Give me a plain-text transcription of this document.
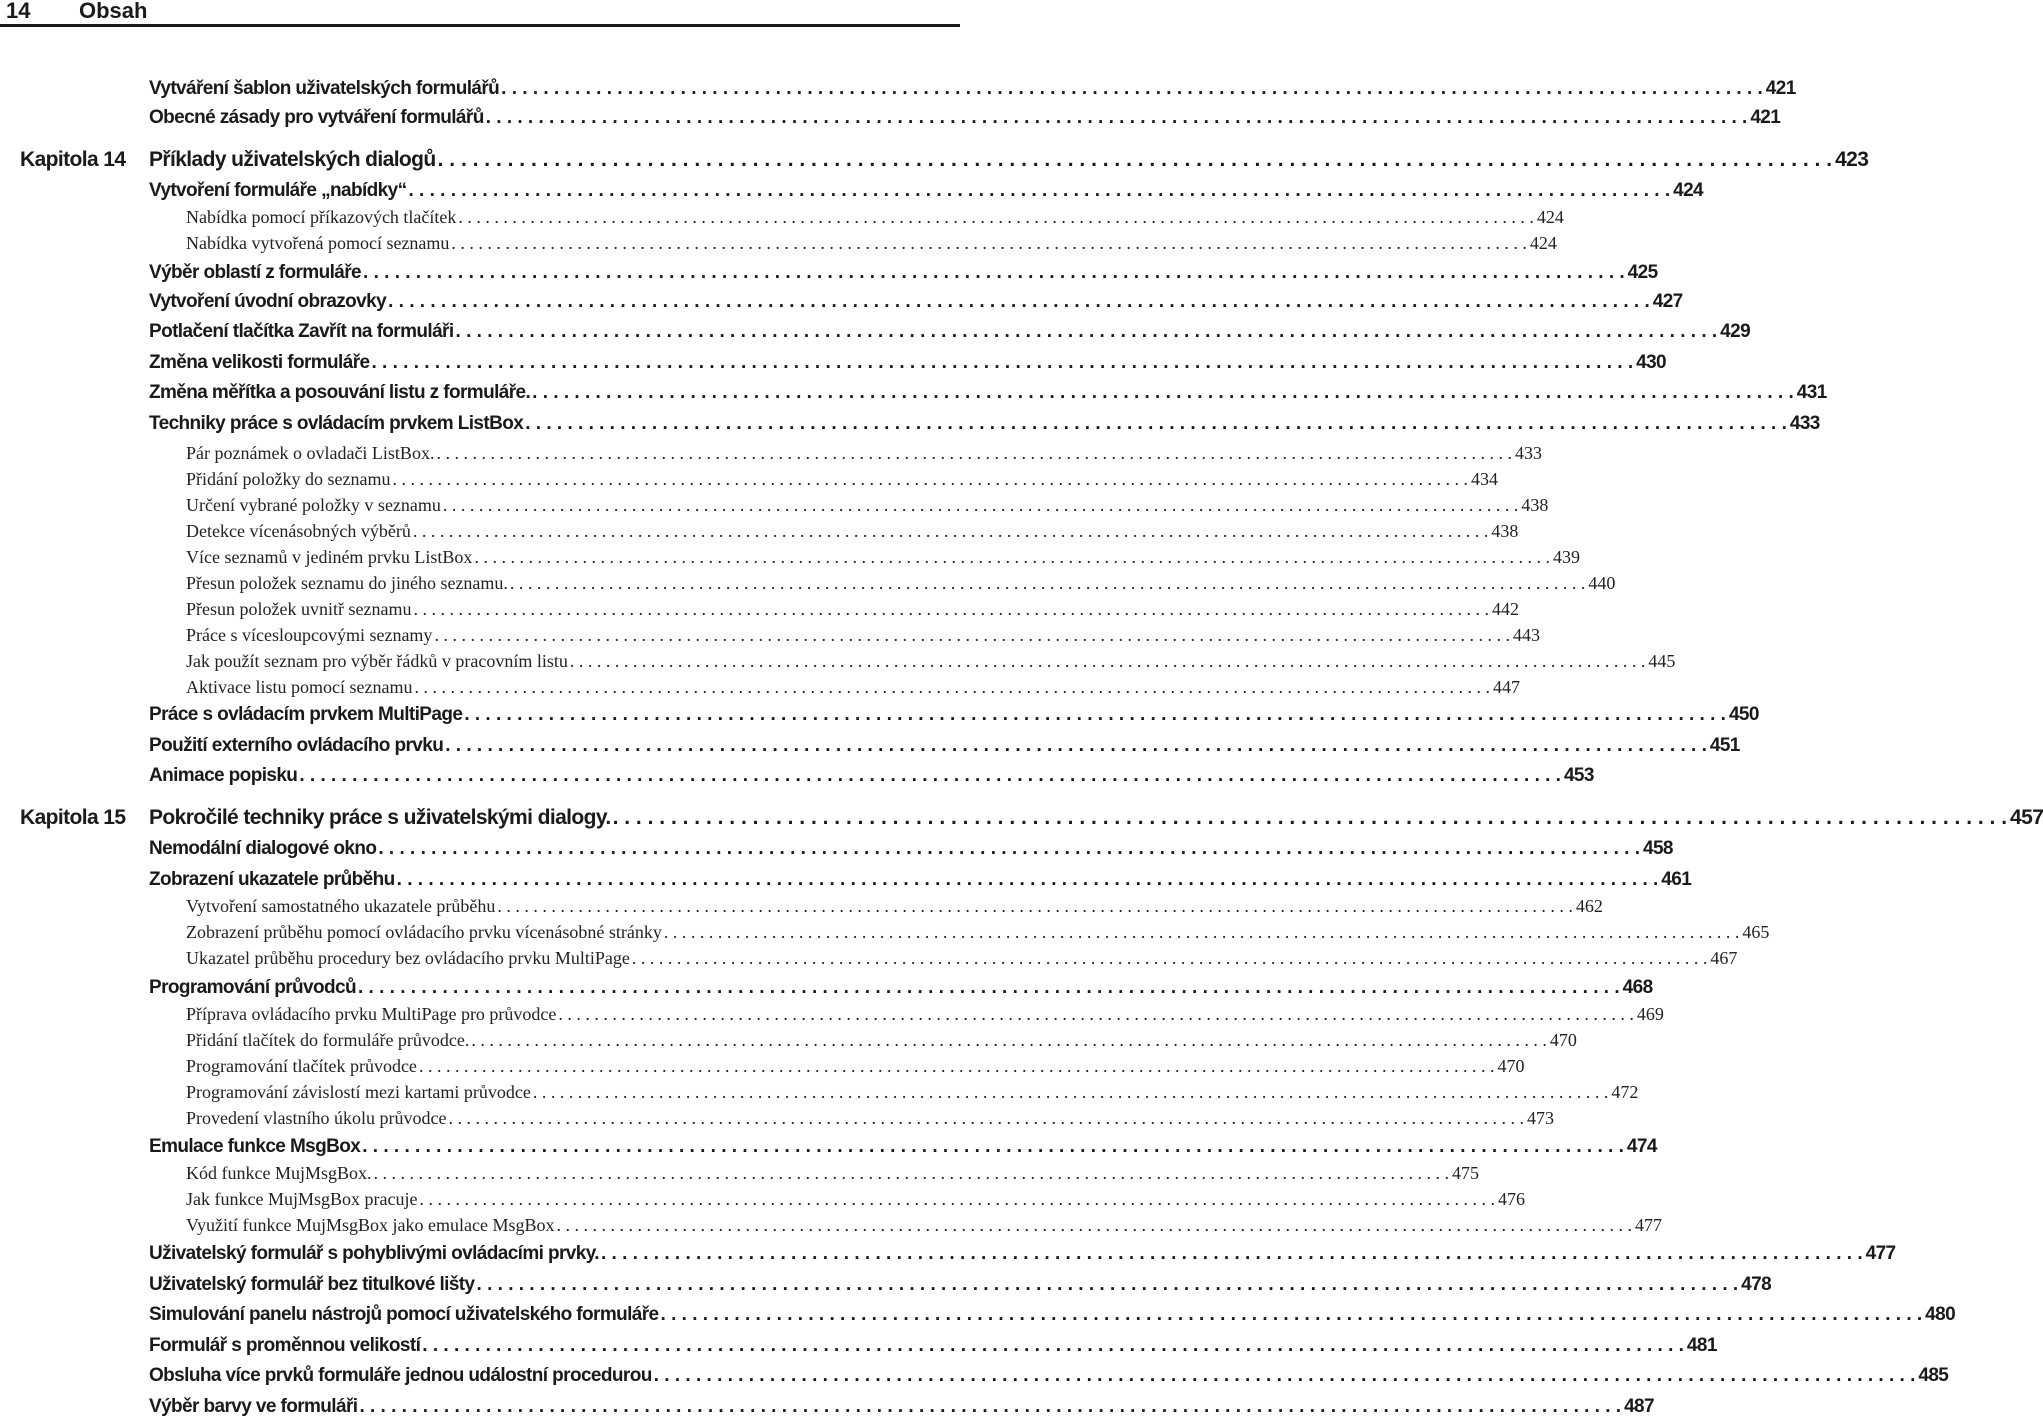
14 Obsah
Vytváření šablon uživatelských formulářů . . . . . . . . . . . . . . . . . . . . . . . . . . . . . . . . . . . . . . . . . . . . . . . . . . . . . . . . . . . . . . . . . . . . . . . . . . . . . . . . . . . . . . . . . . . . . . . . . . . . . . . . . . . . . . . . . . . . . . . . 421
Obecné zásady pro vytváření formulářů . . . . . . . . . . . . . . . . . . . . . . . . . . . . . . . . . . . . . . . . . . . . . . . . . . . . . . . . . . . . . . . . . . . . . . . . . . . . . . . . . . . . . . . . . . . . . . . . . . . . . . . . . . . . . . . . . . . . . . . . 421
Kapitola 14 Příklady uživatelských dialogů . . . . . . . . . . . . . . . . . . . . . . . . . . . . . . . . . . . . . . . . . . . . . . . . . . . . . . . . . . . . . . . . . . . . . . . . . . . . . . . . . . . . . . . . . . . . . . . . . . . . . . . . . . . . . . . . . . . . . . . . 423
Vytvoření formuláře „nabídky“ . . . . . . . . . . . . . . . . . . . . . . . . . . . . . . . . . . . . . . . . . . . . . . . . . . . . . . . . . . . . . . . . . . . . . . . . . . . . . . . . . . . . . . . . . . . . . . . . . . . . . . . . . . . . . . . . . . . . . . . . 424
Nabídka pomocí příkazových tlačítek . . . . . . . . . . . . . . . . . . . . . . . . . . . . . . . . . . . . . . . . . . . . . . . . . . . . . . . . . . . . . . . . . . . . . . . . . . . . . . . . . . . . . . . . . . . . . . . . . . . . . . . . . . . . . . . . . . . . . . . . 424
Nabídka vytvořená pomocí seznamu . . . . . . . . . . . . . . . . . . . . . . . . . . . . . . . . . . . . . . . . . . . . . . . . . . . . . . . . . . . . . . . . . . . . . . . . . . . . . . . . . . . . . . . . . . . . . . . . . . . . . . . . . . . . . . . . . . . . . . . . 424
Výběr oblastí z formuláře . . . . . . . . . . . . . . . . . . . . . . . . . . . . . . . . . . . . . . . . . . . . . . . . . . . . . . . . . . . . . . . . . . . . . . . . . . . . . . . . . . . . . . . . . . . . . . . . . . . . . . . . . . . . . . . . . . . . . . . . 425
Vytvoření úvodní obrazovky . . . . . . . . . . . . . . . . . . . . . . . . . . . . . . . . . . . . . . . . . . . . . . . . . . . . . . . . . . . . . . . . . . . . . . . . . . . . . . . . . . . . . . . . . . . . . . . . . . . . . . . . . . . . . . . . . . . . . . . . 427
Potlačení tlačítka Zavřít na formuláři . . . . . . . . . . . . . . . . . . . . . . . . . . . . . . . . . . . . . . . . . . . . . . . . . . . . . . . . . . . . . . . . . . . . . . . . . . . . . . . . . . . . . . . . . . . . . . . . . . . . . . . . . . . . . . . . . . . . . . . . 429
Změna velikosti formuláře . . . . . . . . . . . . . . . . . . . . . . . . . . . . . . . . . . . . . . . . . . . . . . . . . . . . . . . . . . . . . . . . . . . . . . . . . . . . . . . . . . . . . . . . . . . . . . . . . . . . . . . . . . . . . . . . . . . . . . . . 430
Změna měřítka a posouvání listu z formuláře. . . . . . . . . . . . . . . . . . . . . . . . . . . . . . . . . . . . . . . . . . . . . . . . . . . . . . . . . . . . . . . . . . . . . . . . . . . . . . . . . . . . . . . . . . . . . . . . . . . . . . . . . . . . . . . . . . . . . . . . . 431
Techniky práce s ovládacím prvkem ListBox . . . . . . . . . . . . . . . . . . . . . . . . . . . . . . . . . . . . . . . . . . . . . . . . . . . . . . . . . . . . . . . . . . . . . . . . . . . . . . . . . . . . . . . . . . . . . . . . . . . . . . . . . . . . . . . . . . . . . . . . 433
Pár poznámek o ovladači ListBox. . . . . . . . . . . . . . . . . . . . . . . . . . . . . . . . . . . . . . . . . . . . . . . . . . . . . . . . . . . . . . . . . . . . . . . . . . . . . . . . . . . . . . . . . . . . . . . . . . . . . . . . . . . . . . . . . . . . . . . . . 433
Přidání položky do seznamu . . . . . . . . . . . . . . . . . . . . . . . . . . . . . . . . . . . . . . . . . . . . . . . . . . . . . . . . . . . . . . . . . . . . . . . . . . . . . . . . . . . . . . . . . . . . . . . . . . . . . . . . . . . . . . . . . . . . . . . . 434
Určení vybrané položky v seznamu . . . . . . . . . . . . . . . . . . . . . . . . . . . . . . . . . . . . . . . . . . . . . . . . . . . . . . . . . . . . . . . . . . . . . . . . . . . . . . . . . . . . . . . . . . . . . . . . . . . . . . . . . . . . . . . . . . . . . . . . 438
Detekce vícenásobných výběrů . . . . . . . . . . . . . . . . . . . . . . . . . . . . . . . . . . . . . . . . . . . . . . . . . . . . . . . . . . . . . . . . . . . . . . . . . . . . . . . . . . . . . . . . . . . . . . . . . . . . . . . . . . . . . . . . . . . . . . . . 438
Více seznamů v jediném prvku ListBox . . . . . . . . . . . . . . . . . . . . . . . . . . . . . . . . . . . . . . . . . . . . . . . . . . . . . . . . . . . . . . . . . . . . . . . . . . . . . . . . . . . . . . . . . . . . . . . . . . . . . . . . . . . . . . . . . . . . . . . . 439
Přesun položek seznamu do jiného seznamu. . . . . . . . . . . . . . . . . . . . . . . . . . . . . . . . . . . . . . . . . . . . . . . . . . . . . . . . . . . . . . . . . . . . . . . . . . . . . . . . . . . . . . . . . . . . . . . . . . . . . . . . . . . . . . . . . . . . . . . . . 440
Přesun položek uvnitř seznamu . . . . . . . . . . . . . . . . . . . . . . . . . . . . . . . . . . . . . . . . . . . . . . . . . . . . . . . . . . . . . . . . . . . . . . . . . . . . . . . . . . . . . . . . . . . . . . . . . . . . . . . . . . . . . . . . . . . . . . . . 442
Práce s vícesloupcovými seznamy . . . . . . . . . . . . . . . . . . . . . . . . . . . . . . . . . . . . . . . . . . . . . . . . . . . . . . . . . . . . . . . . . . . . . . . . . . . . . . . . . . . . . . . . . . . . . . . . . . . . . . . . . . . . . . . . . . . . . . . . 443
Jak použít seznam pro výběr řádků v pracovním listu . . . . . . . . . . . . . . . . . . . . . . . . . . . . . . . . . . . . . . . . . . . . . . . . . . . . . . . . . . . . . . . . . . . . . . . . . . . . . . . . . . . . . . . . . . . . . . . . . . . . . . . . . . . . . . . . . . . . . . . . 445
Aktivace listu pomocí seznamu . . . . . . . . . . . . . . . . . . . . . . . . . . . . . . . . . . . . . . . . . . . . . . . . . . . . . . . . . . . . . . . . . . . . . . . . . . . . . . . . . . . . . . . . . . . . . . . . . . . . . . . . . . . . . . . . . . . . . . . . 447
Práce s ovládacím prvkem MultiPage . . . . . . . . . . . . . . . . . . . . . . . . . . . . . . . . . . . . . . . . . . . . . . . . . . . . . . . . . . . . . . . . . . . . . . . . . . . . . . . . . . . . . . . . . . . . . . . . . . . . . . . . . . . . . . . . . . . . . . . . 450
Použití externího ovládacího prvku . . . . . . . . . . . . . . . . . . . . . . . . . . . . . . . . . . . . . . . . . . . . . . . . . . . . . . . . . . . . . . . . . . . . . . . . . . . . . . . . . . . . . . . . . . . . . . . . . . . . . . . . . . . . . . . . . . . . . . . . 451
Animace popisku . . . . . . . . . . . . . . . . . . . . . . . . . . . . . . . . . . . . . . . . . . . . . . . . . . . . . . . . . . . . . . . . . . . . . . . . . . . . . . . . . . . . . . . . . . . . . . . . . . . . . . . . . . . . . . . . . . . . . . . . 453
Kapitola 15 Pokročilé techniky práce s uživatelskými dialogy. . . . . . . . . . . . . . . . . . . . . . . . . . . . . . . . . . . . . . . . . . . . . . . . . . . . . . . . . . . . . . . . . . . . . . . . . . . . . . . . . . . . . . . . . . . . . . . . . . . . . . . . . . . . . . . . . . . . . . . . . 457
Nemodální dialogové okno . . . . . . . . . . . . . . . . . . . . . . . . . . . . . . . . . . . . . . . . . . . . . . . . . . . . . . . . . . . . . . . . . . . . . . . . . . . . . . . . . . . . . . . . . . . . . . . . . . . . . . . . . . . . . . . . . . . . . . . . 458
Zobrazení ukazatele průběhu . . . . . . . . . . . . . . . . . . . . . . . . . . . . . . . . . . . . . . . . . . . . . . . . . . . . . . . . . . . . . . . . . . . . . . . . . . . . . . . . . . . . . . . . . . . . . . . . . . . . . . . . . . . . . . . . . . . . . . . . 461
Vytvoření samostatného ukazatele průběhu . . . . . . . . . . . . . . . . . . . . . . . . . . . . . . . . . . . . . . . . . . . . . . . . . . . . . . . . . . . . . . . . . . . . . . . . . . . . . . . . . . . . . . . . . . . . . . . . . . . . . . . . . . . . . . . . . . . . . . . . 462
Zobrazení průběhu pomocí ovládacího prvku vícenásobné stránky . . . . . . . . . . . . . . . . . . . . . . . . . . . . . . . . . . . . . . . . . . . . . . . . . . . . . . . . . . . . . . . . . . . . . . . . . . . . . . . . . . . . . . . . . . . . . . . . . . . . . . . . . . . . . . . . . . . . . . . . 465
Ukazatel průběhu procedury bez ovládacího prvku MultiPage . . . . . . . . . . . . . . . . . . . . . . . . . . . . . . . . . . . . . . . . . . . . . . . . . . . . . . . . . . . . . . . . . . . . . . . . . . . . . . . . . . . . . . . . . . . . . . . . . . . . . . . . . . . . . . . . . . . . . . . . 467
Programování průvodců . . . . . . . . . . . . . . . . . . . . . . . . . . . . . . . . . . . . . . . . . . . . . . . . . . . . . . . . . . . . . . . . . . . . . . . . . . . . . . . . . . . . . . . . . . . . . . . . . . . . . . . . . . . . . . . . . . . . . . . . 468
Příprava ovládacího prvku MultiPage pro průvodce . . . . . . . . . . . . . . . . . . . . . . . . . . . . . . . . . . . . . . . . . . . . . . . . . . . . . . . . . . . . . . . . . . . . . . . . . . . . . . . . . . . . . . . . . . . . . . . . . . . . . . . . . . . . . . . . . . . . . . . . 469
Přidání tlačítek do formuláře průvodce. . . . . . . . . . . . . . . . . . . . . . . . . . . . . . . . . . . . . . . . . . . . . . . . . . . . . . . . . . . . . . . . . . . . . . . . . . . . . . . . . . . . . . . . . . . . . . . . . . . . . . . . . . . . . . . . . . . . . . . . . 470
Programování tlačítek průvodce . . . . . . . . . . . . . . . . . . . . . . . . . . . . . . . . . . . . . . . . . . . . . . . . . . . . . . . . . . . . . . . . . . . . . . . . . . . . . . . . . . . . . . . . . . . . . . . . . . . . . . . . . . . . . . . . . . . . . . . . 470
Programování závislostí mezi kartami průvodce . . . . . . . . . . . . . . . . . . . . . . . . . . . . . . . . . . . . . . . . . . . . . . . . . . . . . . . . . . . . . . . . . . . . . . . . . . . . . . . . . . . . . . . . . . . . . . . . . . . . . . . . . . . . . . . . . . . . . . . . 472
Provedení vlastního úkolu průvodce . . . . . . . . . . . . . . . . . . . . . . . . . . . . . . . . . . . . . . . . . . . . . . . . . . . . . . . . . . . . . . . . . . . . . . . . . . . . . . . . . . . . . . . . . . . . . . . . . . . . . . . . . . . . . . . . . . . . . . . . 473
Emulace funkce MsgBox . . . . . . . . . . . . . . . . . . . . . . . . . . . . . . . . . . . . . . . . . . . . . . . . . . . . . . . . . . . . . . . . . . . . . . . . . . . . . . . . . . . . . . . . . . . . . . . . . . . . . . . . . . . . . . . . . . . . . . . . 474
Kód funkce MujMsgBox. . . . . . . . . . . . . . . . . . . . . . . . . . . . . . . . . . . . . . . . . . . . . . . . . . . . . . . . . . . . . . . . . . . . . . . . . . . . . . . . . . . . . . . . . . . . . . . . . . . . . . . . . . . . . . . . . . . . . . . . . 475
Jak funkce MujMsgBox pracuje . . . . . . . . . . . . . . . . . . . . . . . . . . . . . . . . . . . . . . . . . . . . . . . . . . . . . . . . . . . . . . . . . . . . . . . . . . . . . . . . . . . . . . . . . . . . . . . . . . . . . . . . . . . . . . . . . . . . . . . . 476
Využití funkce MujMsgBox jako emulace MsgBox . . . . . . . . . . . . . . . . . . . . . . . . . . . . . . . . . . . . . . . . . . . . . . . . . . . . . . . . . . . . . . . . . . . . . . . . . . . . . . . . . . . . . . . . . . . . . . . . . . . . . . . . . . . . . . . . . . . . . . . . 477
Uživatelský formulář s pohyblivými ovládacími prvky. . . . . . . . . . . . . . . . . . . . . . . . . . . . . . . . . . . . . . . . . . . . . . . . . . . . . . . . . . . . . . . . . . . . . . . . . . . . . . . . . . . . . . . . . . . . . . . . . . . . . . . . . . . . . . . . . . . . . . . . . 477
Uživatelský formulář bez titulkové lišty . . . . . . . . . . . . . . . . . . . . . . . . . . . . . . . . . . . . . . . . . . . . . . . . . . . . . . . . . . . . . . . . . . . . . . . . . . . . . . . . . . . . . . . . . . . . . . . . . . . . . . . . . . . . . . . . . . . . . . . . 478
Simulování panelu nástrojů pomocí uživatelského formuláře . . . . . . . . . . . . . . . . . . . . . . . . . . . . . . . . . . . . . . . . . . . . . . . . . . . . . . . . . . . . . . . . . . . . . . . . . . . . . . . . . . . . . . . . . . . . . . . . . . . . . . . . . . . . . . . . . . . . . . . . 480
Formulář s proměnnou velikostí . . . . . . . . . . . . . . . . . . . . . . . . . . . . . . . . . . . . . . . . . . . . . . . . . . . . . . . . . . . . . . . . . . . . . . . . . . . . . . . . . . . . . . . . . . . . . . . . . . . . . . . . . . . . . . . . . . . . . . . . 481
Obsluha více prvků formuláře jednou událostní procedurou . . . . . . . . . . . . . . . . . . . . . . . . . . . . . . . . . . . . . . . . . . . . . . . . . . . . . . . . . . . . . . . . . . . . . . . . . . . . . . . . . . . . . . . . . . . . . . . . . . . . . . . . . . . . . . . . . . . . . . . . 485
Výběr barvy ve formuláři . . . . . . . . . . . . . . . . . . . . . . . . . . . . . . . . . . . . . . . . . . . . . . . . . . . . . . . . . . . . . . . . . . . . . . . . . . . . . . . . . . . . . . . . . . . . . . . . . . . . . . . . . . . . . . . . . . . . . . . . 487
